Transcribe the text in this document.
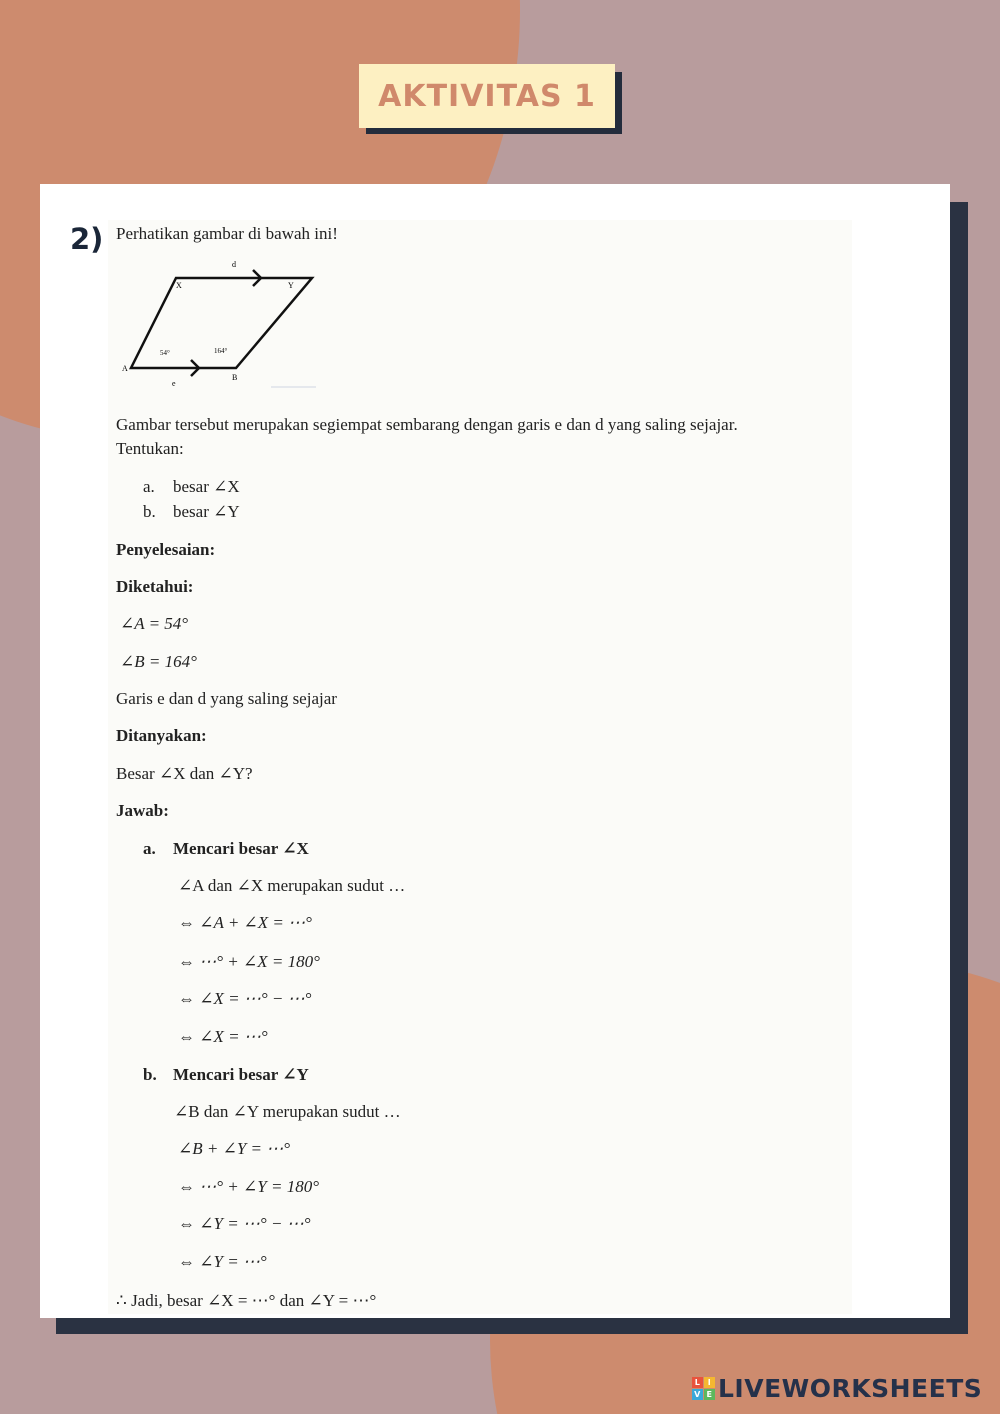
AKTIVITAS 1
2) Perhatikan gambar di bawah ini!
d
X	Y
54°	164°
A
B
e
Gambar tersebut merupakan segiempat sembarang dengan garis e dan d yang saling sejajar.
Tentukan:
a. besar ∠X
b. besar ∠Y
Penyelesaian:
Diketahui:
∠A = 54°
∠B = 164°
Garis e dan d yang saling sejajar
Ditanyakan:
Besar ∠X dan ∠Y?
Jawab:
a. Mencari besar ∠X
∠A dan ∠X merupakan sudut …
⇔ ∠A + ∠X = ⋯°
⇔ ⋯° + ∠X = 180°
⇔ ∠X = ⋯° − ⋯°
⇔ ∠X = ⋯°
b. Mencari besar ∠Y
∠B dan ∠Y merupakan sudut …
∠B + ∠Y = ⋯°
⇔ ⋯° + ∠Y = 180°
⇔ ∠Y = ⋯° − ⋯°
⇔ ∠Y = ⋯°
∴ Jadi, besar ∠X = ⋯° dan ∠Y = ⋯°
L I
V E LIVEWORKSHEETS
